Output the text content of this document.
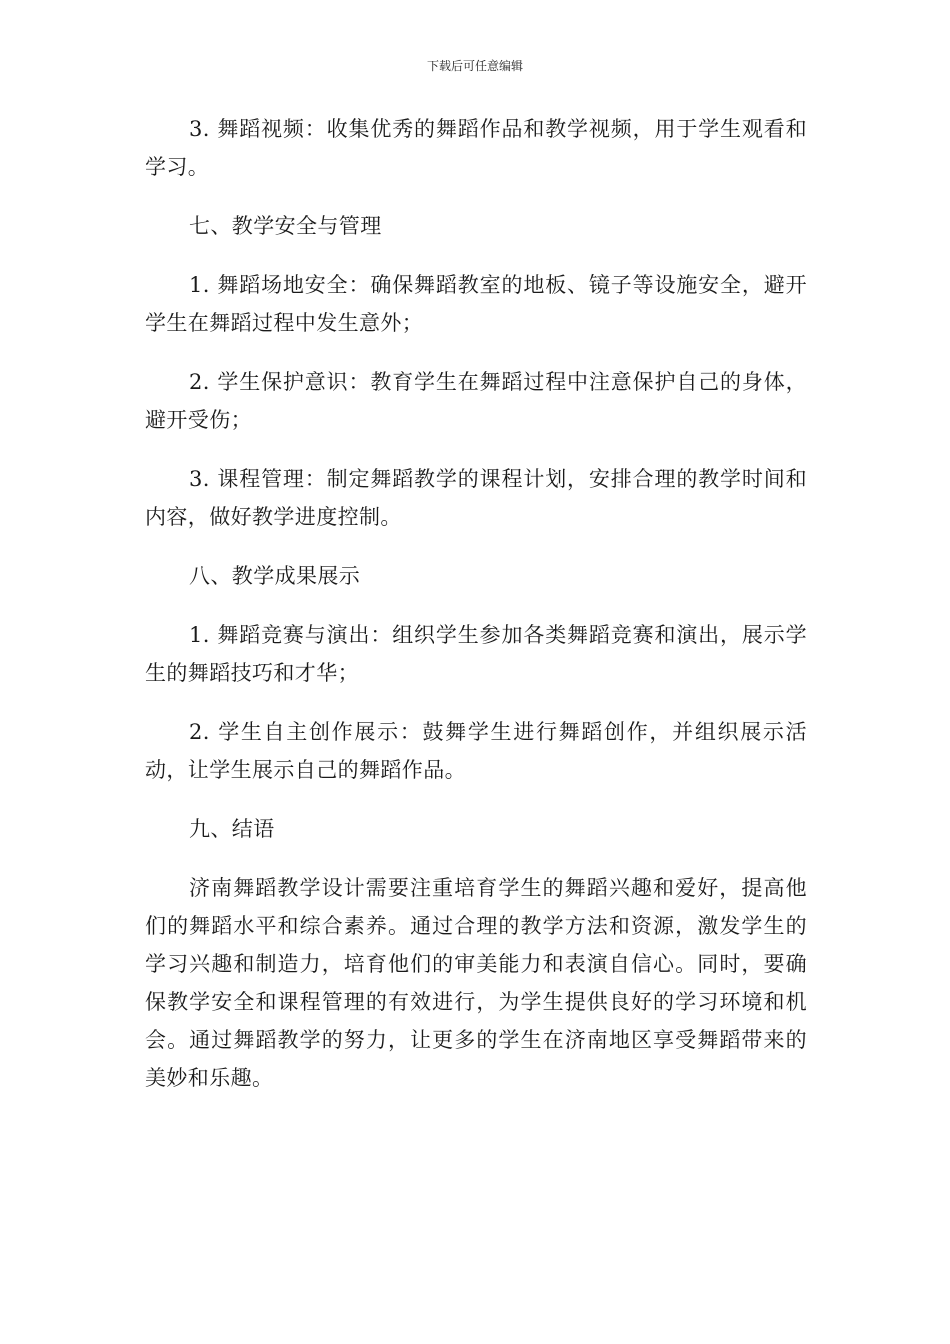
下载后可任意编辑

3. 舞蹈视频：收集优秀的舞蹈作品和教学视频，用于学生观看和学习。

七、教学安全与管理

1. 舞蹈场地安全：确保舞蹈教室的地板、镜子等设施安全，避开学生在舞蹈过程中发生意外；

2. 学生保护意识：教育学生在舞蹈过程中注意保护自己的身体，避开受伤；

3. 课程管理：制定舞蹈教学的课程计划，安排合理的教学时间和内容，做好教学进度控制。

八、教学成果展示

1. 舞蹈竞赛与演出：组织学生参加各类舞蹈竞赛和演出，展示学生的舞蹈技巧和才华；

2. 学生自主创作展示：鼓舞学生进行舞蹈创作，并组织展示活动，让学生展示自己的舞蹈作品。

九、结语

济南舞蹈教学设计需要注重培育学生的舞蹈兴趣和爱好，提高他们的舞蹈水平和综合素养。通过合理的教学方法和资源，激发学生的学习兴趣和制造力，培育他们的审美能力和表演自信心。同时，要确保教学安全和课程管理的有效进行，为学生提供良好的学习环境和机会。通过舞蹈教学的努力，让更多的学生在济南地区享受舞蹈带来的美妙和乐趣。
